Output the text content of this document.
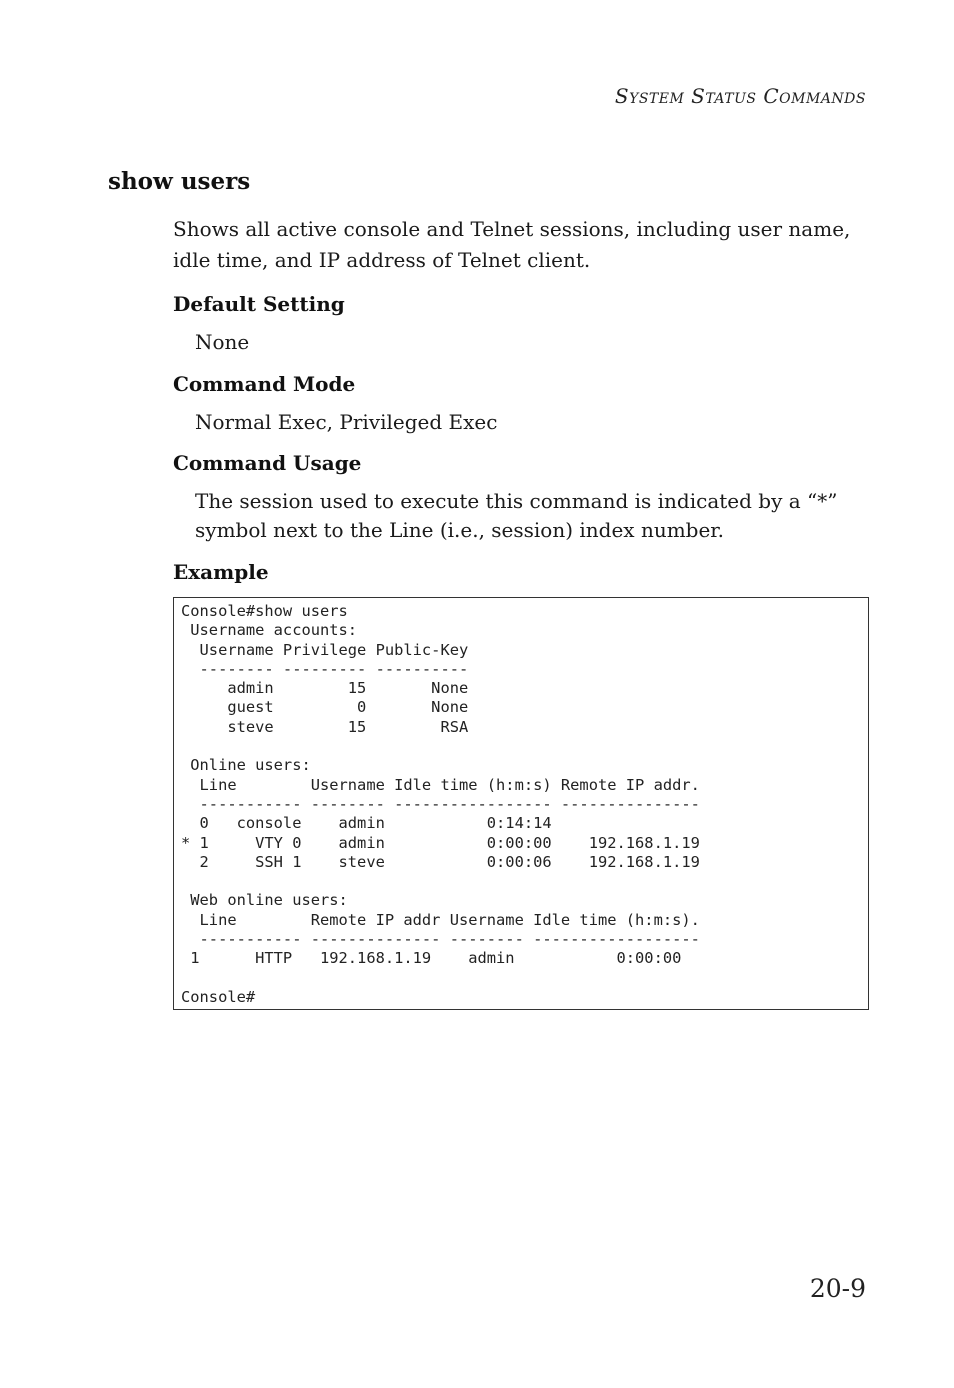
System Status Commands
show users

Shows all active console and Telnet sessions, including user name, idle time, and IP address of Telnet client.

Default Setting

None

Command Mode

Normal Exec, Privileged Exec

Command Usage

The session used to execute this command is indicated by a “*” symbol next to the Line (i.e., session) index number.

Example
Console#show users
Username accounts:
Username Privilege Public-Key
-------- --------- ----------
admin        15       None
guest         0       None
steve        15        RSA

Online users:
Line        Username Idle time (h:m:s) Remote IP addr.
----------- -------- ----------------- ---------------
0   console    admin           0:14:14
* 1     VTY 0    admin           0:00:00    192.168.1.19
2     SSH 1    steve           0:00:06    192.168.1.19

Web online users:
Line        Remote IP addr Username Idle time (h:m:s).
----------- -------------- -------- ------------------
1      HTTP   192.168.1.19    admin           0:00:00

Console#
20-9
